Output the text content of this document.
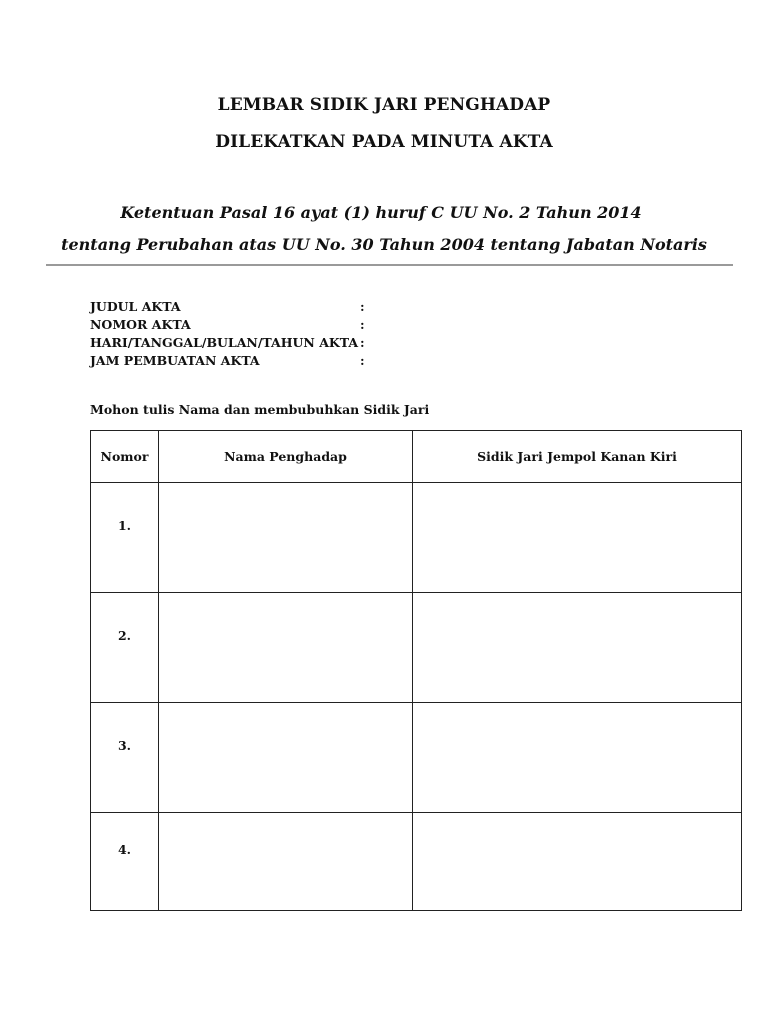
LEMBAR SIDIK JARI PENGHADAP
DILEKATKAN PADA MINUTA AKTA
Ketentuan Pasal 16 ayat (1) huruf C UU No. 2 Tahun 2014
tentang Perubahan atas UU No. 30 Tahun 2004 tentang Jabatan Notaris
JUDUL AKTA	:
NOMOR AKTA	:
HARI/TANGGAL/BULAN/TAHUN AKTA :
JAM PEMBUATAN AKTA	:
Mohon tulis Nama dan membubuhkan Sidik Jari
Nomor	Nama Penghadap	Sidik Jari Jempol Kanan Kiri
1.		
2.		
3.		
4.		
